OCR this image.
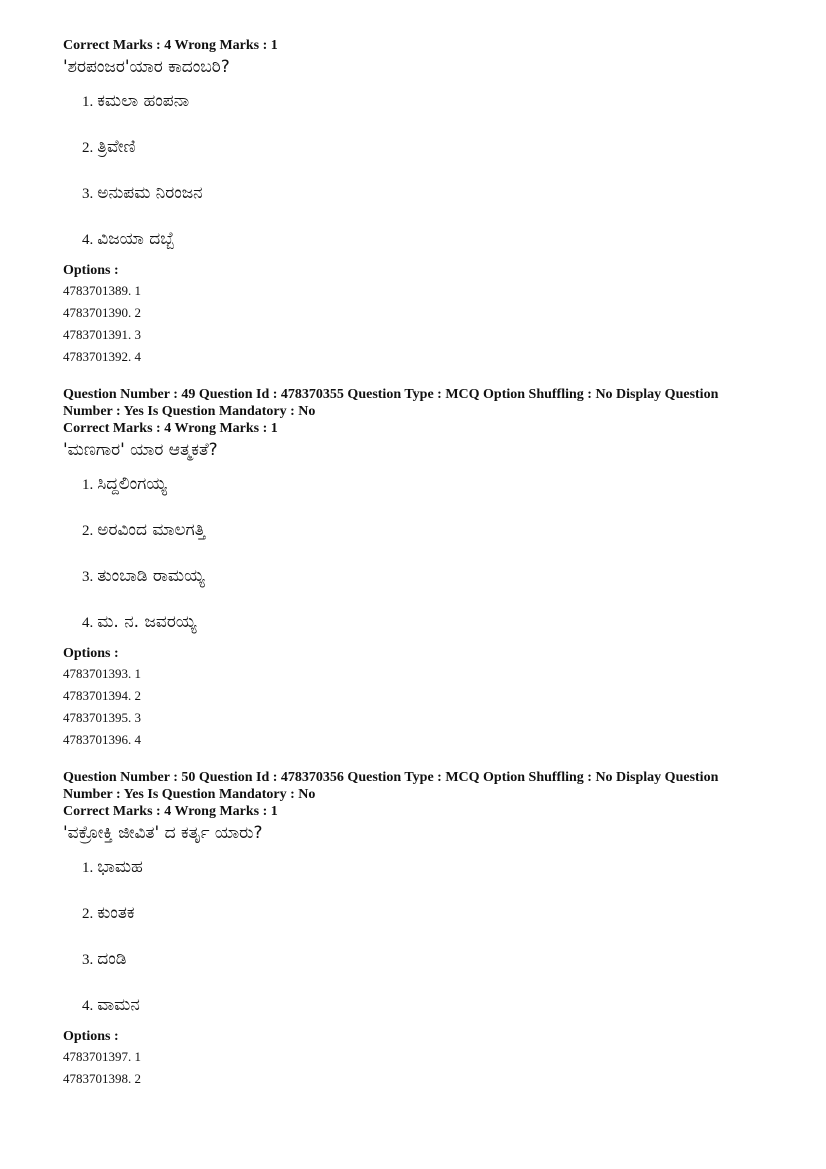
Correct Marks : 4 Wrong Marks : 1

'ಶರಪಂಜರ'ಯಾರ ಕಾದಂಬರಿ?

1. ಕಮಲಾ ಹಂಪನಾ
2. ತ್ರಿವೇಣಿ
3. ಅನುಪಮ ನಿರಂಜನ
4. ವಿಜಯಾ ದಬ್ಬೆ

Options :

4783701389. 1

4783701390. 2

4783701391. 3

4783701392. 4

Question Number : 49 Question Id : 478370355 Question Type : MCQ Option Shuffling : No Display Question Number : Yes Is Question Mandatory : No

Correct Marks : 4 Wrong Marks : 1

'ಮಣಗಾರ' ಯಾರ ಆತ್ಮಕತೆ?

1. ಸಿದ್ದಲಿಂಗಯ್ಯ
2. ಅರವಿಂದ ಮಾಲಗತ್ತಿ
3. ತುಂಬಾಡಿ ರಾಮಯ್ಯ
4. ಮ. ನ. ಜವರಯ್ಯ

Options :

4783701393. 1

4783701394. 2

4783701395. 3

4783701396. 4

Question Number : 50 Question Id : 478370356 Question Type : MCQ Option Shuffling : No Display Question Number : Yes Is Question Mandatory : No

Correct Marks : 4 Wrong Marks : 1

'ವಕ್ರೋಕ್ತಿ ಜೀವಿತ' ದ ಕರ್ತೃ ಯಾರು?

1. ಭಾಮಹ
2. ಕುಂತಕ
3. ದಂಡಿ
4. ವಾಮನ

Options :

4783701397. 1

4783701398. 2
